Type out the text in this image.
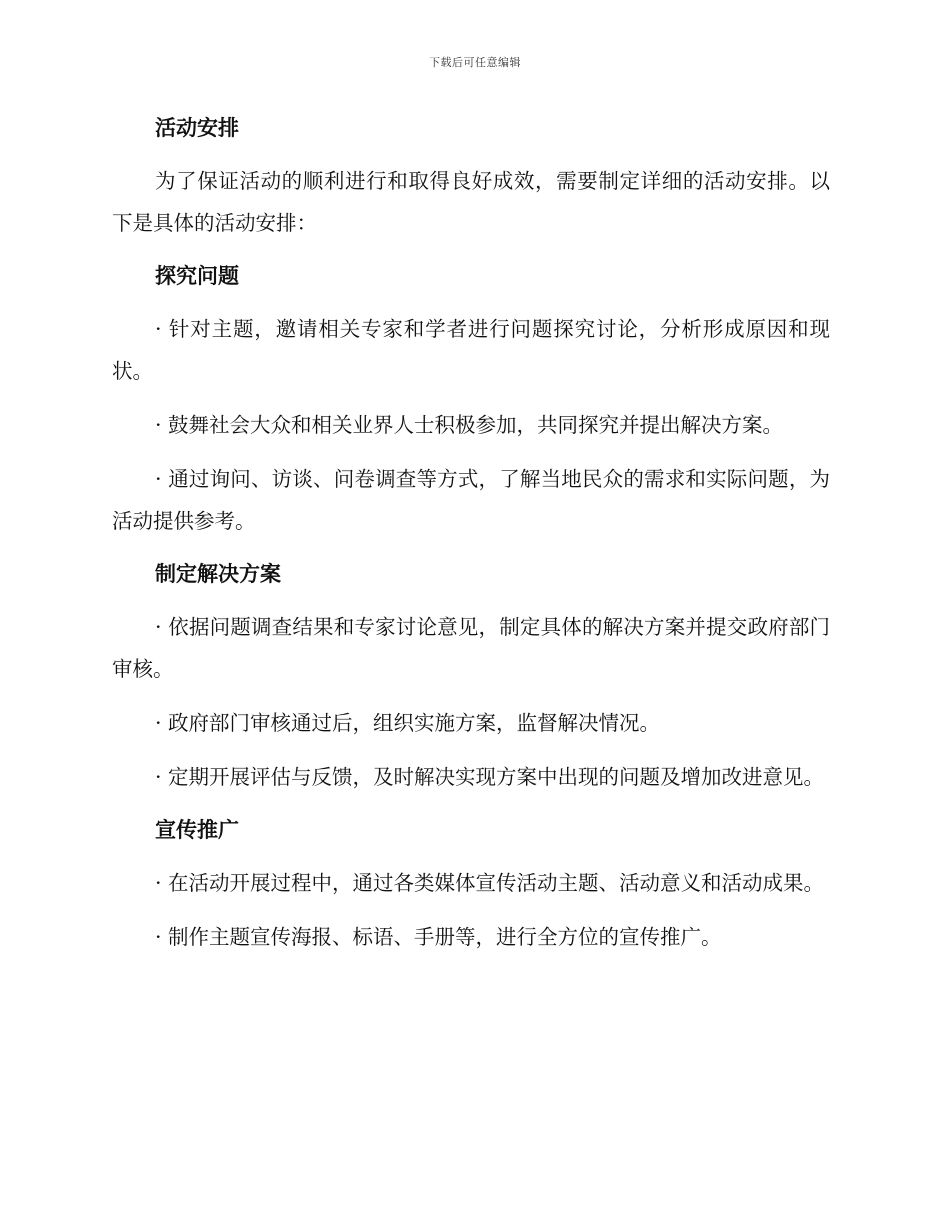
下载后可任意编辑
活动安排
为了保证活动的顺利进行和取得良好成效，需要制定详细的活动安排。以下是具体的活动安排：
探究问题
· 针对主题，邀请相关专家和学者进行问题探究讨论，分析形成原因和现状。
· 鼓舞社会大众和相关业界人士积极参加，共同探究并提出解决方案。
· 通过询问、访谈、问卷调查等方式，了解当地民众的需求和实际问题，为活动提供参考。
制定解决方案
· 依据问题调查结果和专家讨论意见，制定具体的解决方案并提交政府部门审核。
· 政府部门审核通过后，组织实施方案，监督解决情况。
· 定期开展评估与反馈，及时解决实现方案中出现的问题及增加改进意见。
宣传推广
· 在活动开展过程中，通过各类媒体宣传活动主题、活动意义和活动成果。
· 制作主题宣传海报、标语、手册等，进行全方位的宣传推广。
